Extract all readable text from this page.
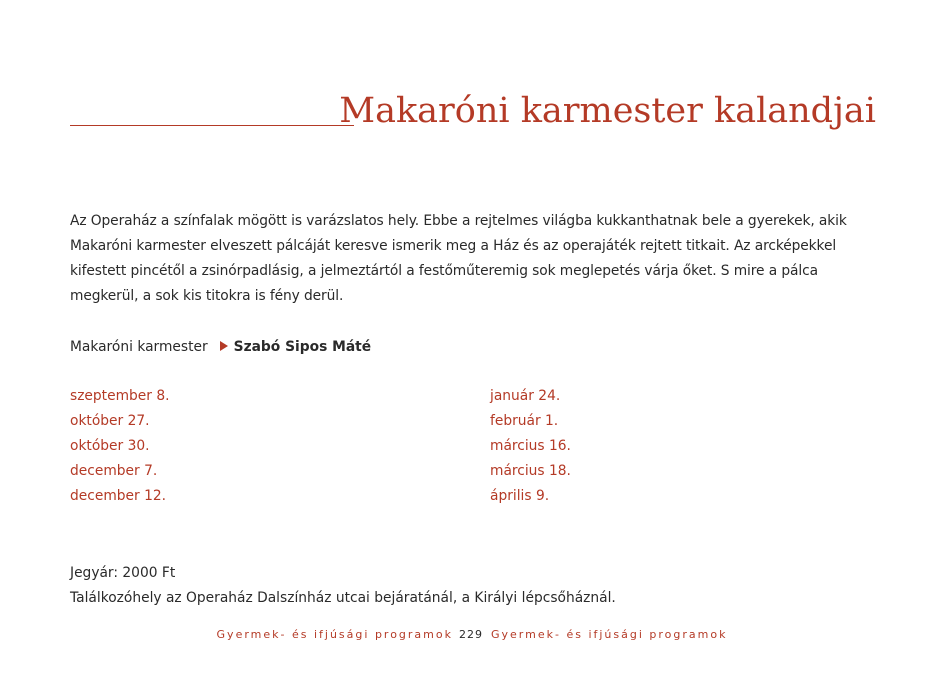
Makaróni karmester kalandjai

Az Operaház a színfalak mögött is varázslatos hely. Ebbe a rejtelmes világba kukkanthatnak bele a gyerekek, akik Makaróni karmester elveszett pálcáját keresve ismerik meg a Ház és az operajáték rejtett titkait. Az arcképekkel kifestett pincétől a zsinórpadlásig, a jelmeztártól a festőműteremig sok meglepetés várja őket. S mire a pálca megkerül, a sok kis titokra is fény derül.

Makaróni karmester Szabó Sipos Máté
szeptember 8.
október 27.
október 30.
december 7.
december 12.
január 24.
február 1.
március 16.
március 18.
április 9.
Jegyár: 2000 Ft
Találkozóhely az Operaház Dalszínház utcai bejáratánál, a Királyi lépcsőháznál.
Gyermek- és ifjúsági programok 229 Gyermek- és ifjúsági programok
